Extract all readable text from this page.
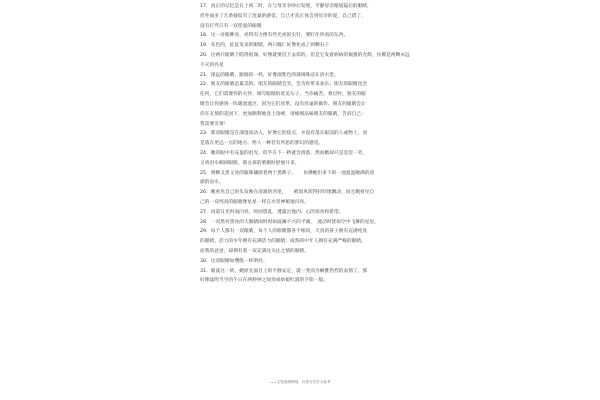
17．真正的记忆是在上初二时，在与母亲争吵后发现，平静母亲眼镜镜后的眼睛，
但外面多了几条皱纹有了沧桑的感觉，自己才真正体会到母亲的爱，自己错了，
没有打骂只有一双慈爱的眼睛
18．这一对眼眸亮，亮得有力像有些光亮的尖针，要盯住所看的东西。
19．灰色的，征征发呆的眼睛，两只瞳仁好像化成了两颗石子
20．这两只眼睛下陷得很深，好像就要沉下去似的，但是它发着病病的倔强的光辉，仿佛是两颗永远不灭的亮星
21．深远的眼睛，跟琥珀一样，好像深紫色的玻璃珠浸在清水里。
22．朋友的眼睛是最美的。朋友的眼睛会笑，会为你带来欢乐；朋友的眼睛也会
任何，它们需要你的关怀，细写眼睛的优美句子，当你痛苦、难过时，朋友的眼
睛会让你感到一阵暖流流过，因为它们真挚，没有丝毫的做作。朋友的眼睛会让
你在友情的花园下，更加顺利地登上顶峰，请细细品味朋友的眼睛，告诉自己：
我需要友情！
23．那双眼睛是在深邃而动人，好像它的焦点，并没有落在眼前的人或物上，而
是落在更远一点的地方。给人一种若有所思的梦幻的感觉。
24．她的眼中有充盈的泪光，似乎在下一秒就会滑落，然而她却只是忽忽一笑，
又将泪水咽回眼眶，那女孩的脸顿时舒展开来。
25．两颗又黑又亮的眼珠镶嵌着两个黑眸子。　　仿佛她们多下的一池盈盈敞满的清
澈的泉水。
26．她看见自己的头发映在清澈的河里，　　被晨风吹得轻轻地飘动，而且她看见自
己的一双纯真的眼睛像星星一样在水里神秘地闪亮。
27．再道日光时而闪亮，时而悠乱，透露出他内、心的惊喜和希望。
28．一双黑亮黑亮的大眼睛闲时时如波澜不兴的平湖，　流动时犹如空中飞舞的星星。
29．每个人都有一双眼睛，每个人的眼睛都各不相同，天真的孩子拥有充满纯真
的眼睛，活力的少年拥有充满活力的眼睛；成熟的中年人拥有充满严峻的眼睛，
而我的爸爸，却拥有着一双充满这关注之情的眼睛。
30．这双眼睛如缨般一样明亮。
31．眼波这一转，她原先面目上的平静安定，就一变而为娴雅热烈的表情了。那
好像晶明当空的午日在两秒钟之间变成姑娘红润的夕阳一般。
——文档来源网络，仅供分享学习参考
